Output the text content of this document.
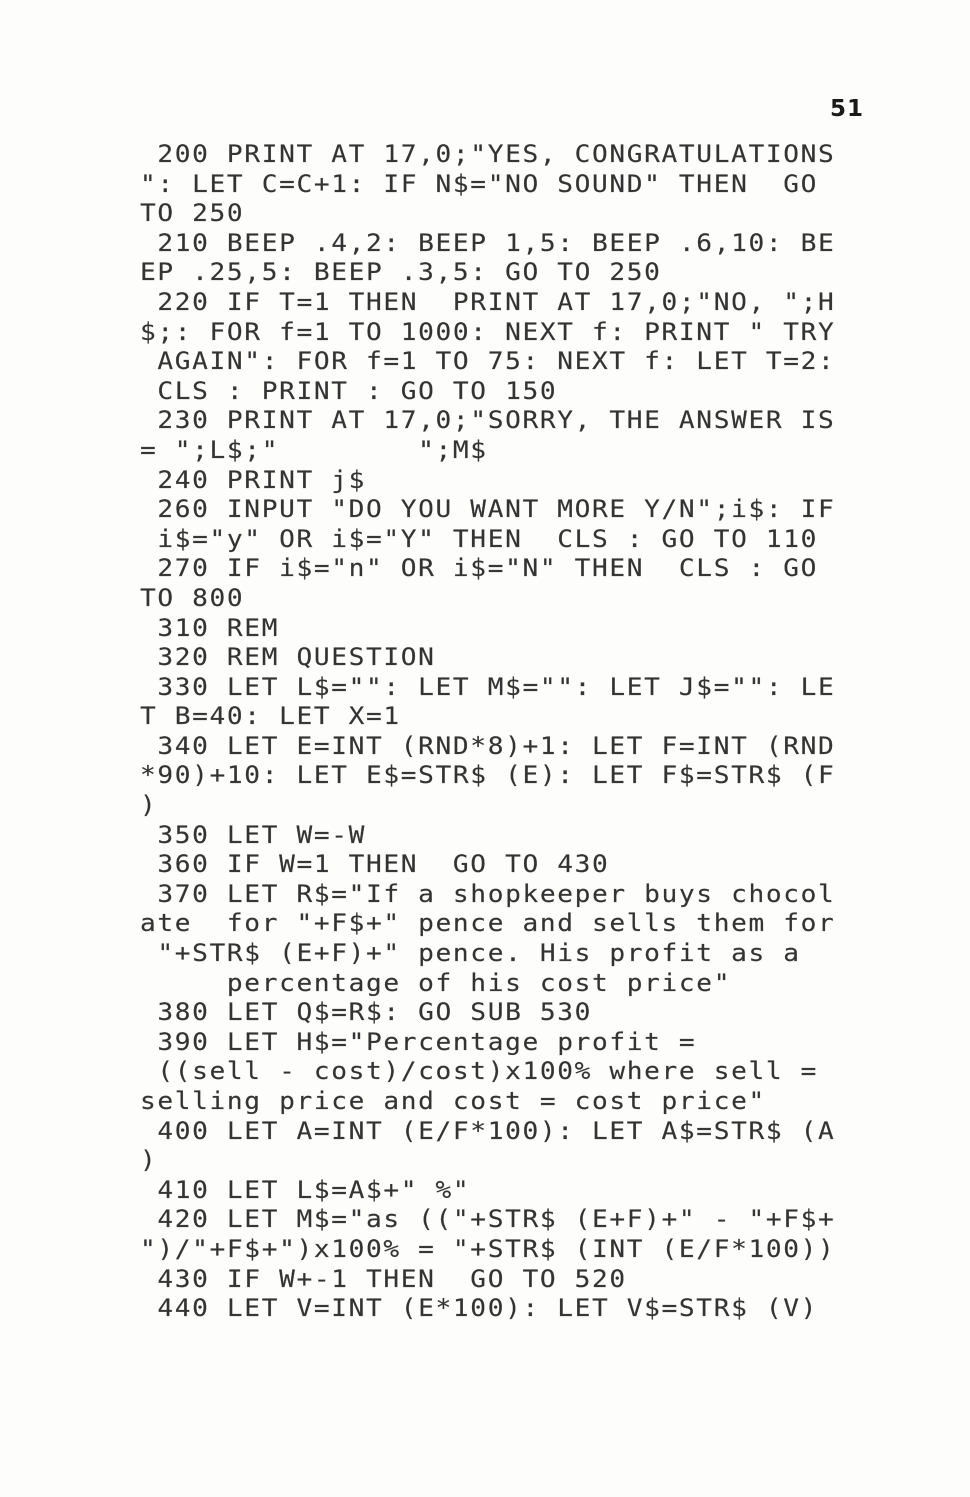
51
200 PRINT AT 17,0;"YES, CONGRATULATIONS
": LET C=C+1: IF N$="NO SOUND" THEN  GO
TO 250
210 BEEP .4,2: BEEP 1,5: BEEP .6,10: BE
EP .25,5: BEEP .3,5: GO TO 250
220 IF T=1 THEN  PRINT AT 17,0;"NO, ";H
$;: FOR f=1 TO 1000: NEXT f: PRINT " TRY
AGAIN": FOR f=1 TO 75: NEXT f: LET T=2:
CLS : PRINT : GO TO 150
230 PRINT AT 17,0;"SORRY, THE ANSWER IS
= ";L$;"        ";M$
240 PRINT j$
260 INPUT "DO YOU WANT MORE Y/N";i$: IF
i$="y" OR i$="Y" THEN  CLS : GO TO 110
270 IF i$="n" OR i$="N" THEN  CLS : GO
TO 800
310 REM
320 REM QUESTION
330 LET L$="": LET M$="": LET J$="": LE
T B=40: LET X=1
340 LET E=INT (RND*8)+1: LET F=INT (RND
*90)+10: LET E$=STR$ (E): LET F$=STR$ (F
)
350 LET W=-W
360 IF W=1 THEN  GO TO 430
370 LET R$="If a shopkeeper buys chocol
ate  for "+F$+" pence and sells them for
"+STR$ (E+F)+" pence. His profit as a
percentage of his cost price"
380 LET Q$=R$: GO SUB 530
390 LET H$="Percentage profit =
((sell - cost)/cost)x100% where sell =
selling price and cost = cost price"
400 LET A=INT (E/F*100): LET A$=STR$ (A
)
410 LET L$=A$+" %"
420 LET M$="as (("+STR$ (E+F)+" - "+F$+
")/"+F$+")x100% = "+STR$ (INT (E/F*100))
430 IF W+-1 THEN  GO TO 520
440 LET V=INT (E*100): LET V$=STR$ (V)
